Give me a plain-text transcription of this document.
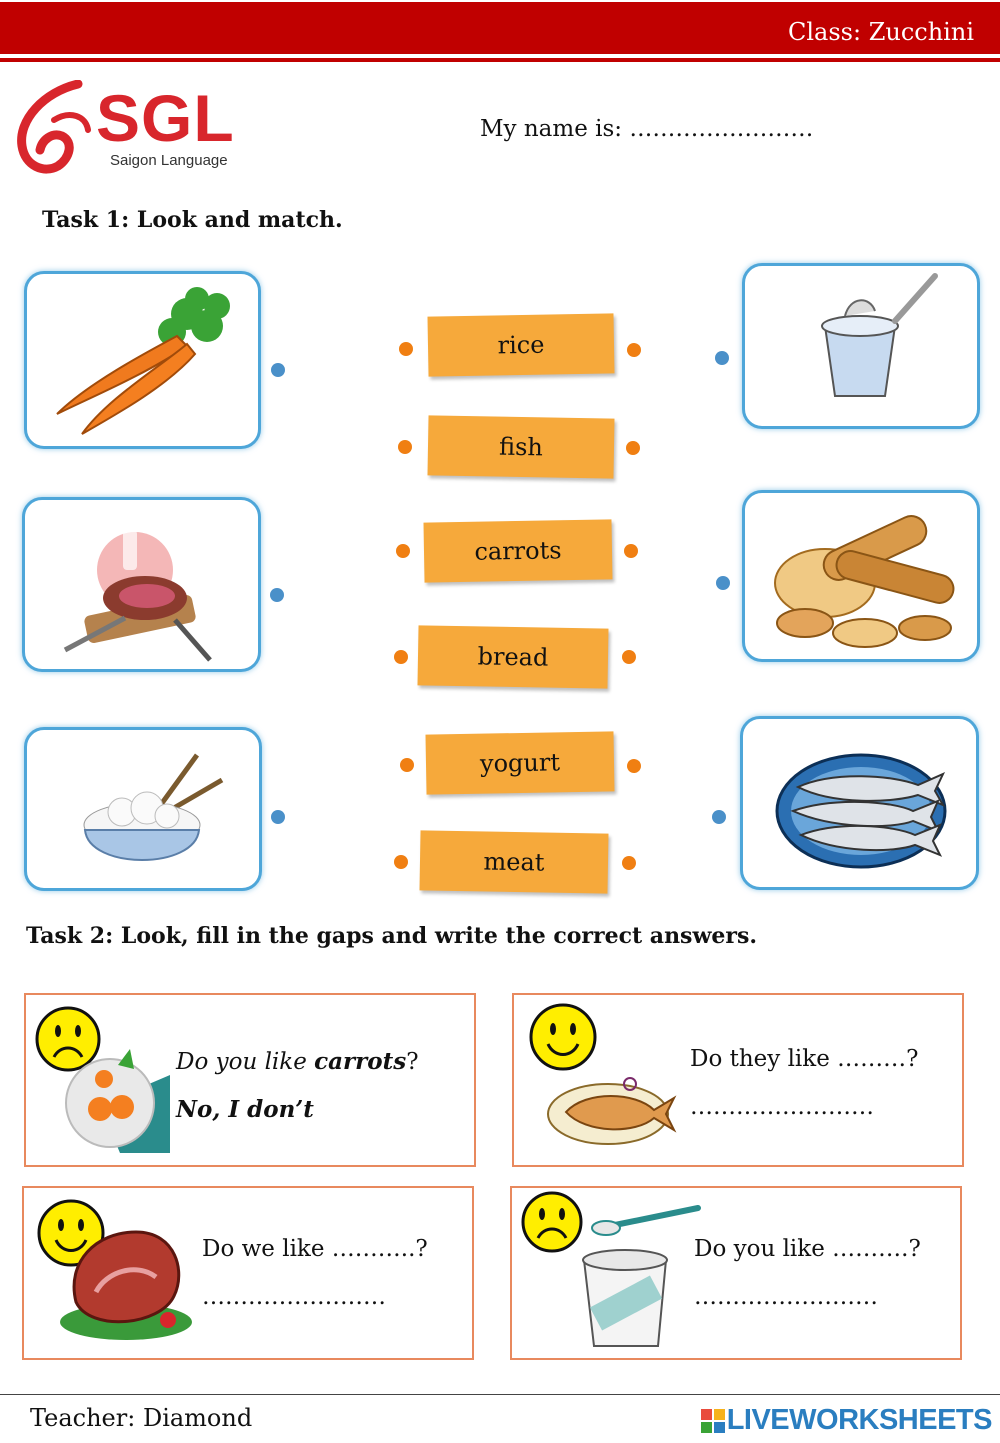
Class: Zucchini
SGL
Saigon Language
My name is: ……………………
Task 1: Look and match.
rice
fish
carrots
bread
yogurt
meat
Task 2: Look, fill in the gaps and write the correct answers.
Do you like carrots?
No, I don’t
Do they like ………?
……………………
Do we like ………..?
……………………
Do you like ……….?
……………………
Teacher: Diamond	LIVEWORKSHEETS
